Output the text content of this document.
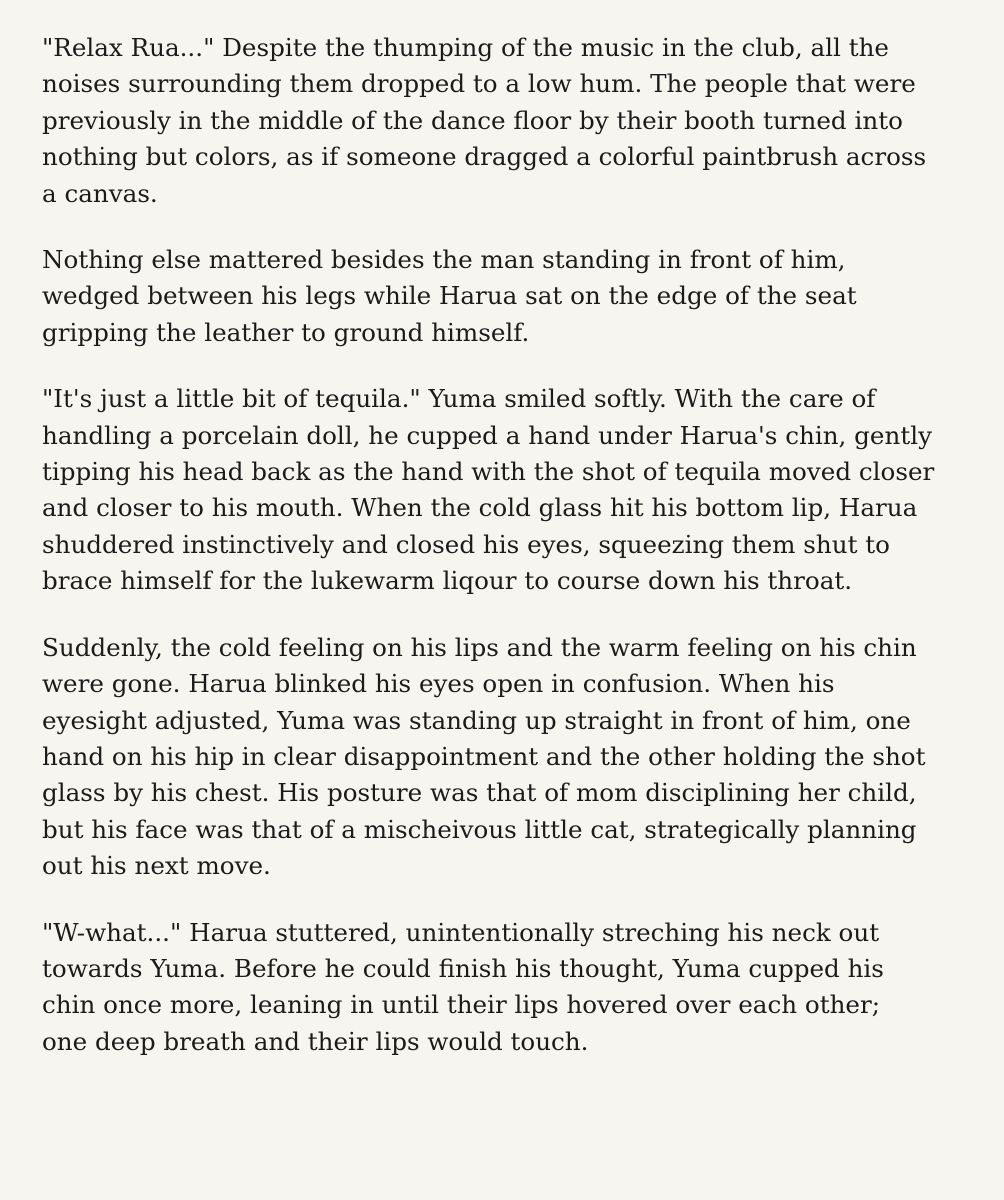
"Relax Rua..." Despite the thumping of the music in the club, all the
noises surrounding them dropped to a low hum. The people that were
previously in the middle of the dance floor by their booth turned into
nothing but colors, as if someone dragged a colorful paintbrush across
a canvas.

Nothing else mattered besides the man standing in front of him,
wedged between his legs while Harua sat on the edge of the seat
gripping the leather to ground himself.

"It's just a little bit of tequila." Yuma smiled softly. With the care of
handling a porcelain doll, he cupped a hand under Harua's chin, gently
tipping his head back as the hand with the shot of tequila moved closer
and closer to his mouth. When the cold glass hit his bottom lip, Harua
shuddered instinctively and closed his eyes, squeezing them shut to
brace himself for the lukewarm liqour to course down his throat.

Suddenly, the cold feeling on his lips and the warm feeling on his chin
were gone. Harua blinked his eyes open in confusion. When his
eyesight adjusted, Yuma was standing up straight in front of him, one
hand on his hip in clear disappointment and the other holding the shot
glass by his chest. His posture was that of mom disciplining her child,
but his face was that of a mischeivous little cat, strategically planning
out his next move.

"W-what..." Harua stuttered, unintentionally streching his neck out
towards Yuma. Before he could finish his thought, Yuma cupped his
chin once more, leaning in until their lips hovered over each other;
one deep breath and their lips would touch.
